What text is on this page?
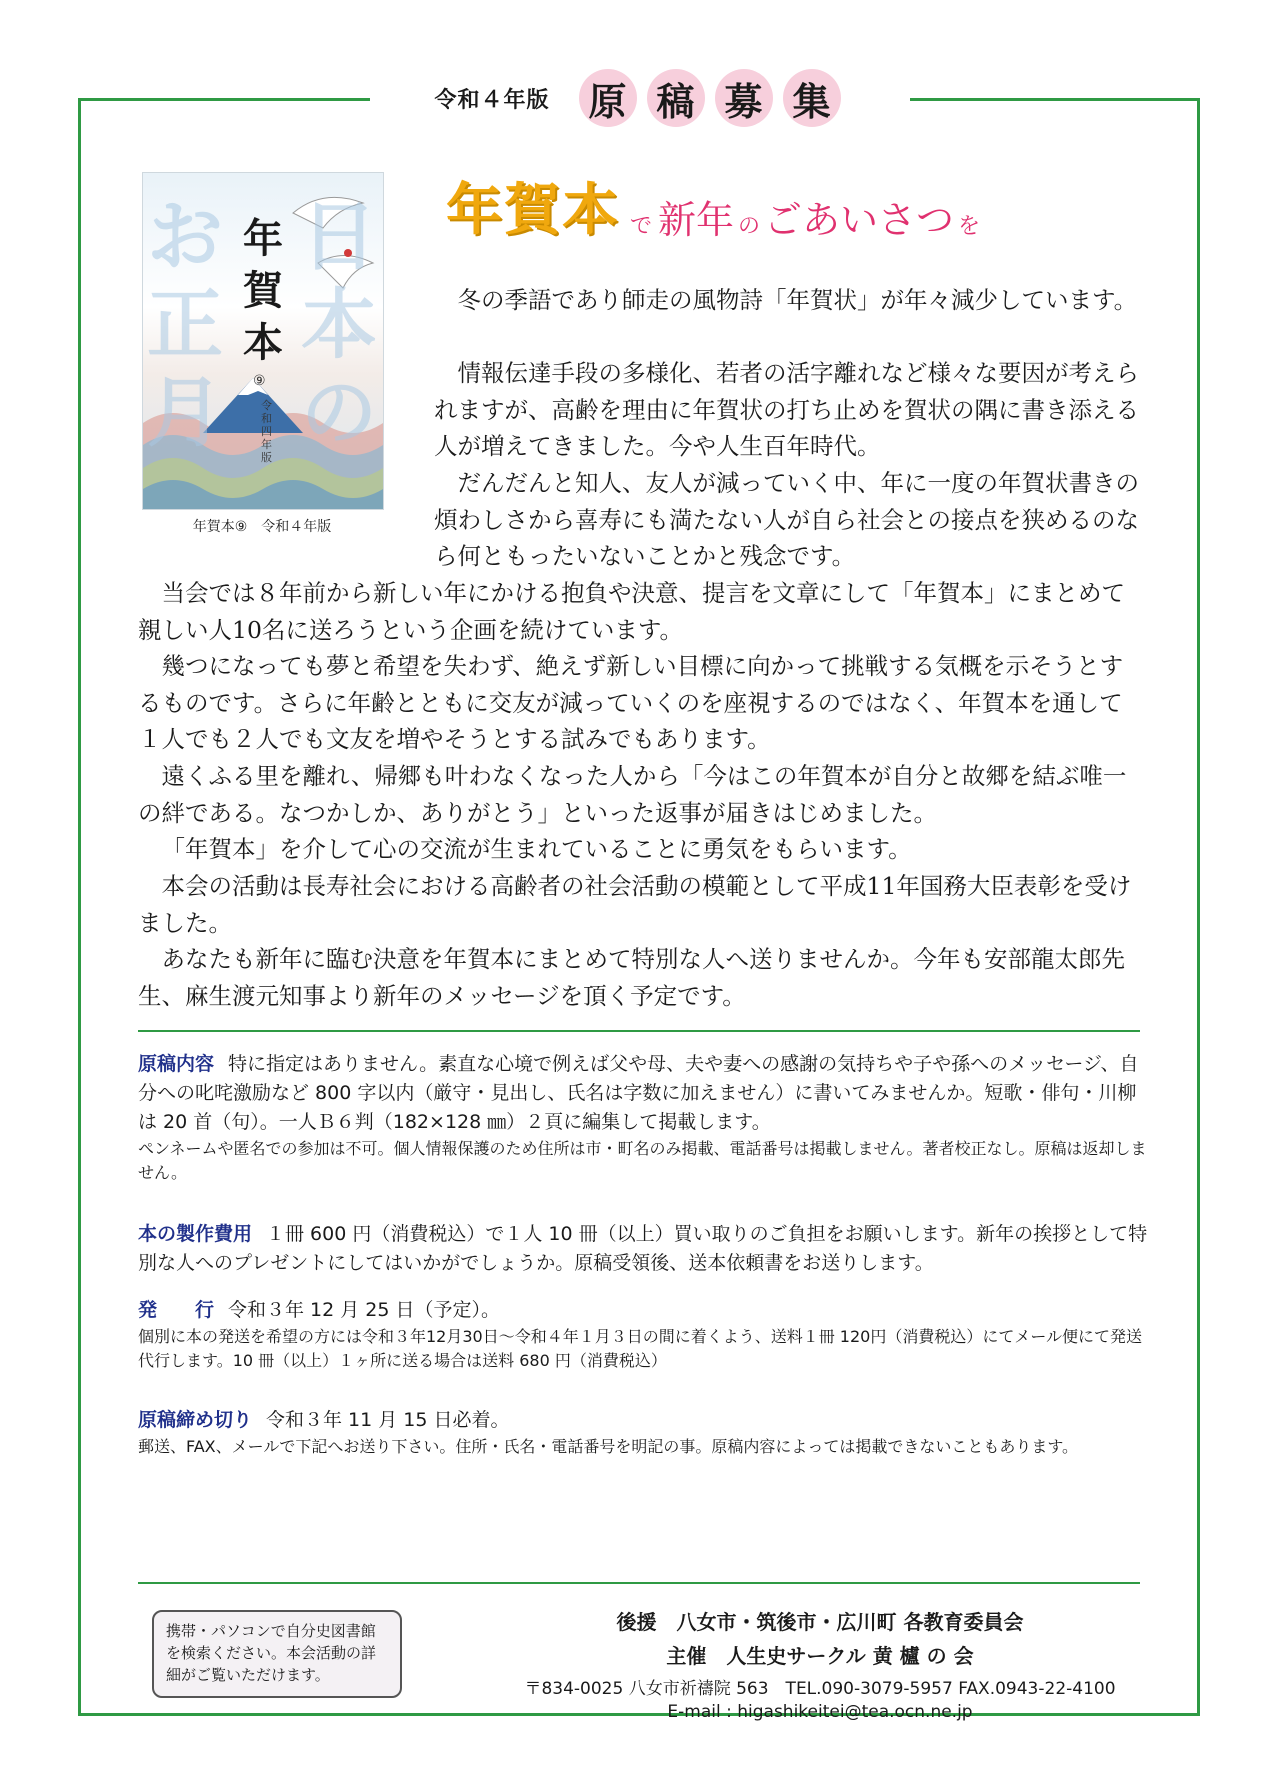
令和４年版 原 稿 募 集
お正月
日本の
年賀本
⑨
令和四年版
年賀本⑨　令和４年版
年賀本 で 新年 の ごあいさつ を

冬の季語であり師走の風物詩「年賀状」が年々減少しています。

情報伝達手段の多様化、若者の活字離れなど様々な要因が考えられますが、高齢を理由に年賀状の打ち止めを賀状の隅に書き添える人が増えてきました。今や人生百年時代。

だんだんと知人、友人が減っていく中、年に一度の年賀状書きの煩わしさから喜寿にも満たない人が自ら社会との接点を狭めるのなら何ともったいないことかと残念です。

当会では８年前から新しい年にかける抱負や決意、提言を文章にして「年賀本」にまとめて親しい人10名に送ろうという企画を続けています。

幾つになっても夢と希望を失わず、絶えず新しい目標に向かって挑戦する気概を示そうとするものです。さらに年齢とともに交友が減っていくのを座視するのではなく、年賀本を通して１人でも２人でも文友を増やそうとする試みでもあります。

遠くふる里を離れ、帰郷も叶わなくなった人から「今はこの年賀本が自分と故郷を結ぶ唯一の絆である。なつかしか、ありがとう」といった返事が届きはじめました。

「年賀本」を介して心の交流が生まれていることに勇気をもらいます。

本会の活動は長寿社会における高齢者の社会活動の模範として平成11年国務大臣表彰を受けました。

あなたも新年に臨む決意を年賀本にまとめて特別な人へ送りませんか。今年も安部龍太郎先生、麻生渡元知事より新年のメッセージを頂く予定です。

原稿内容 特に指定はありません。素直な心境で例えば父や母、夫や妻への感謝の気持ちや子や孫へのメッセージ、自分への叱咤激励など 800 字以内（厳守・見出し、氏名は字数に加えません）に書いてみませんか。短歌・俳句・川柳は 20 首（句）。一人Ｂ６判（182×128 ㎜）２頁に編集して掲載します。

ペンネームや匿名での参加は不可。個人情報保護のため住所は市・町名のみ掲載、電話番号は掲載しません。著者校正なし。原稿は返却しません。

本の製作費用 １冊 600 円（消費税込）で１人 10 冊（以上）買い取りのご負担をお願いします。新年の挨拶として特別な人へのプレゼントにしてはいかがでしょうか。原稿受領後、送本依頼書をお送りします。

発　　行 令和３年 12 月 25 日（予定）。

個別に本の発送を希望の方には令和３年12月30日～令和４年１月３日の間に着くよう、送料１冊 120円（消費税込）にてメール便にて発送代行します。10 冊（以上）１ヶ所に送る場合は送料 680 円（消費税込）

原稿締め切り 令和３年 11 月 15 日必着。

郵送、FAX、メールで下記へお送り下さい。住所・氏名・電話番号を明記の事。原稿内容によっては掲載できないこともあります。

携帯・パソコンで自分史図書館を検索ください。本会活動の詳細がご覧いただけます。
後援　八女市・筑後市・広川町 各教育委員会
主催　人生史サークル 黄 櫨 の 会
〒834-0025 八女市祈禱院 563　TEL.090-3079-5957 FAX.0943-22-4100
E-mail : higashikeitei@tea.ocn.ne.jp
